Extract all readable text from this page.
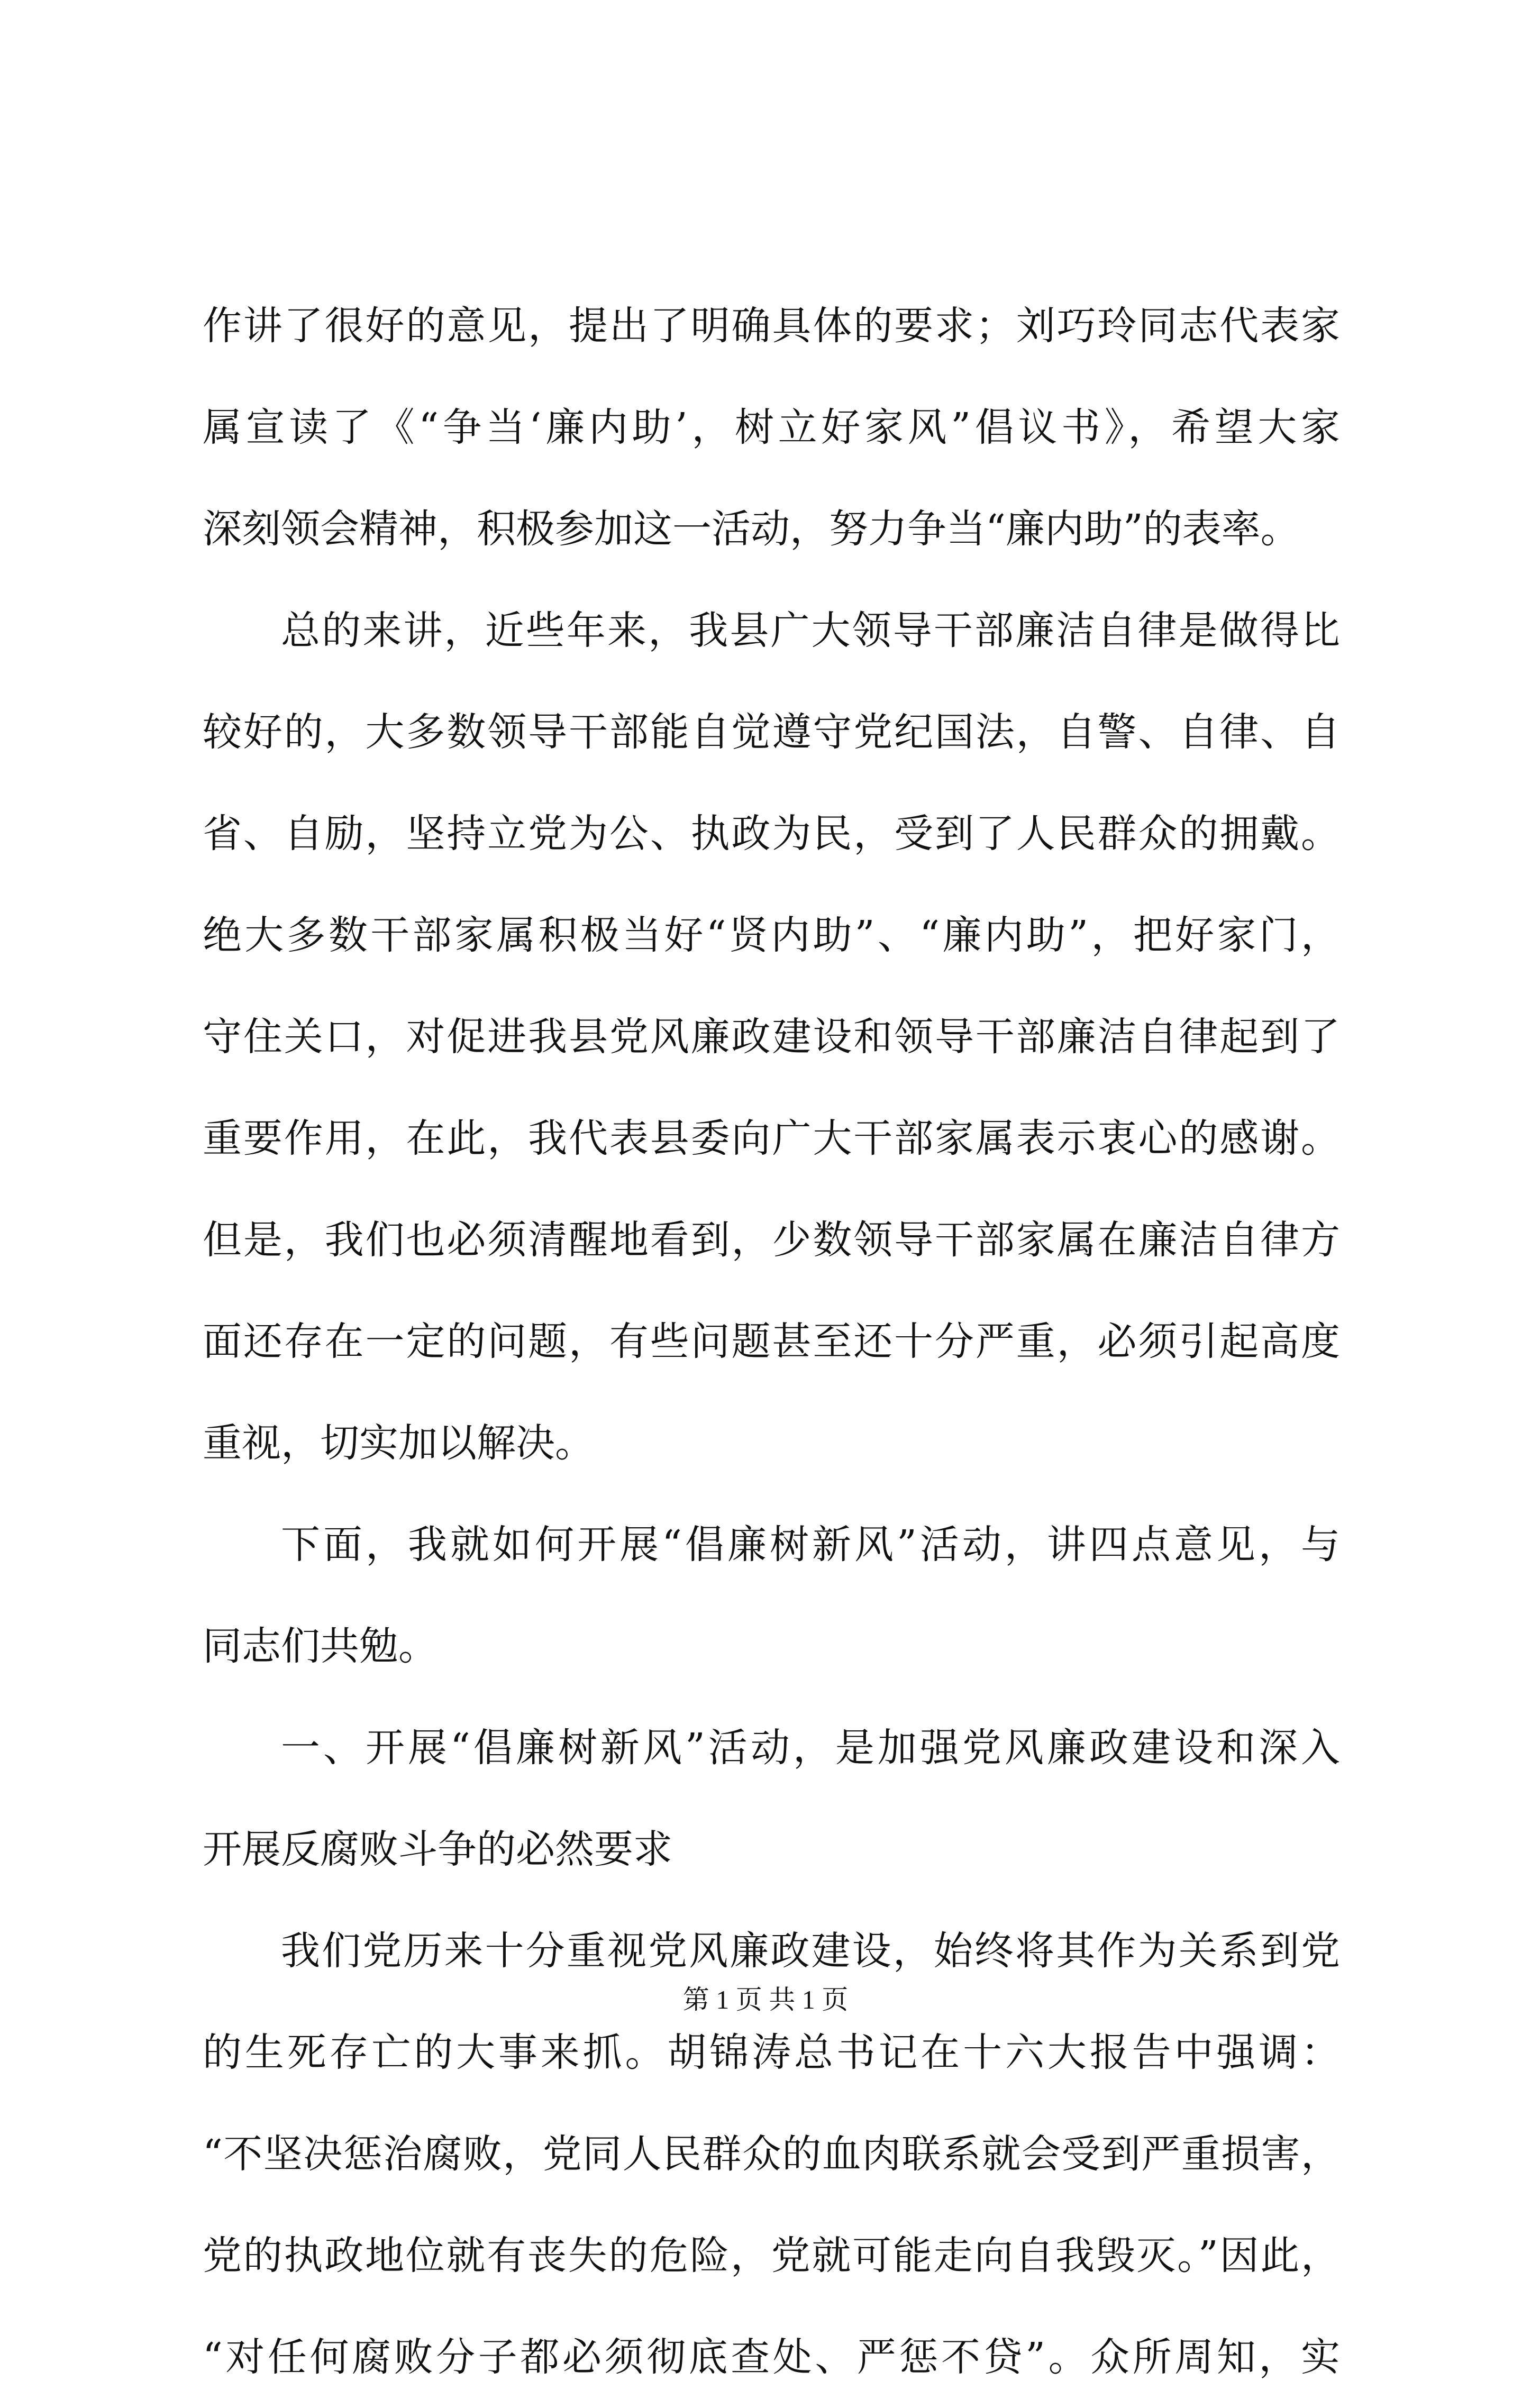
作讲了很好的意见，提出了明确具体的要求；刘巧玲同志代表家
属宣读了《“争当‘廉内助’，树立好家风”倡议书》，希望大家
深刻领会精神，积极参加这一活动，努力争当“廉内助”的表率。
总的来讲，近些年来，我县广大领导干部廉洁自律是做得比
较好的，大多数领导干部能自觉遵守党纪国法，自警、自律、自
省、自励，坚持立党为公、执政为民，受到了人民群众的拥戴。
绝大多数干部家属积极当好“贤内助”、“廉内助”，把好家门，
守住关口，对促进我县党风廉政建设和领导干部廉洁自律起到了
重要作用，在此，我代表县委向广大干部家属表示衷心的感谢。
但是，我们也必须清醒地看到，少数领导干部家属在廉洁自律方
面还存在一定的问题，有些问题甚至还十分严重，必须引起高度
重视，切实加以解决。
下面，我就如何开展“倡廉树新风”活动，讲四点意见，与
同志们共勉。
一、开展“倡廉树新风”活动，是加强党风廉政建设和深入
开展反腐败斗争的必然要求
我们党历来十分重视党风廉政建设，始终将其作为关系到党
的生死存亡的大事来抓。胡锦涛总书记在十六大报告中强调：
“不坚决惩治腐败，党同人民群众的血肉联系就会受到严重损害，
党的执政地位就有丧失的危险，党就可能走向自我毁灭。”因此，
“对任何腐败分子都必须彻底查处、严惩不贷”。众所周知，实
第 1 页 共 1 页
